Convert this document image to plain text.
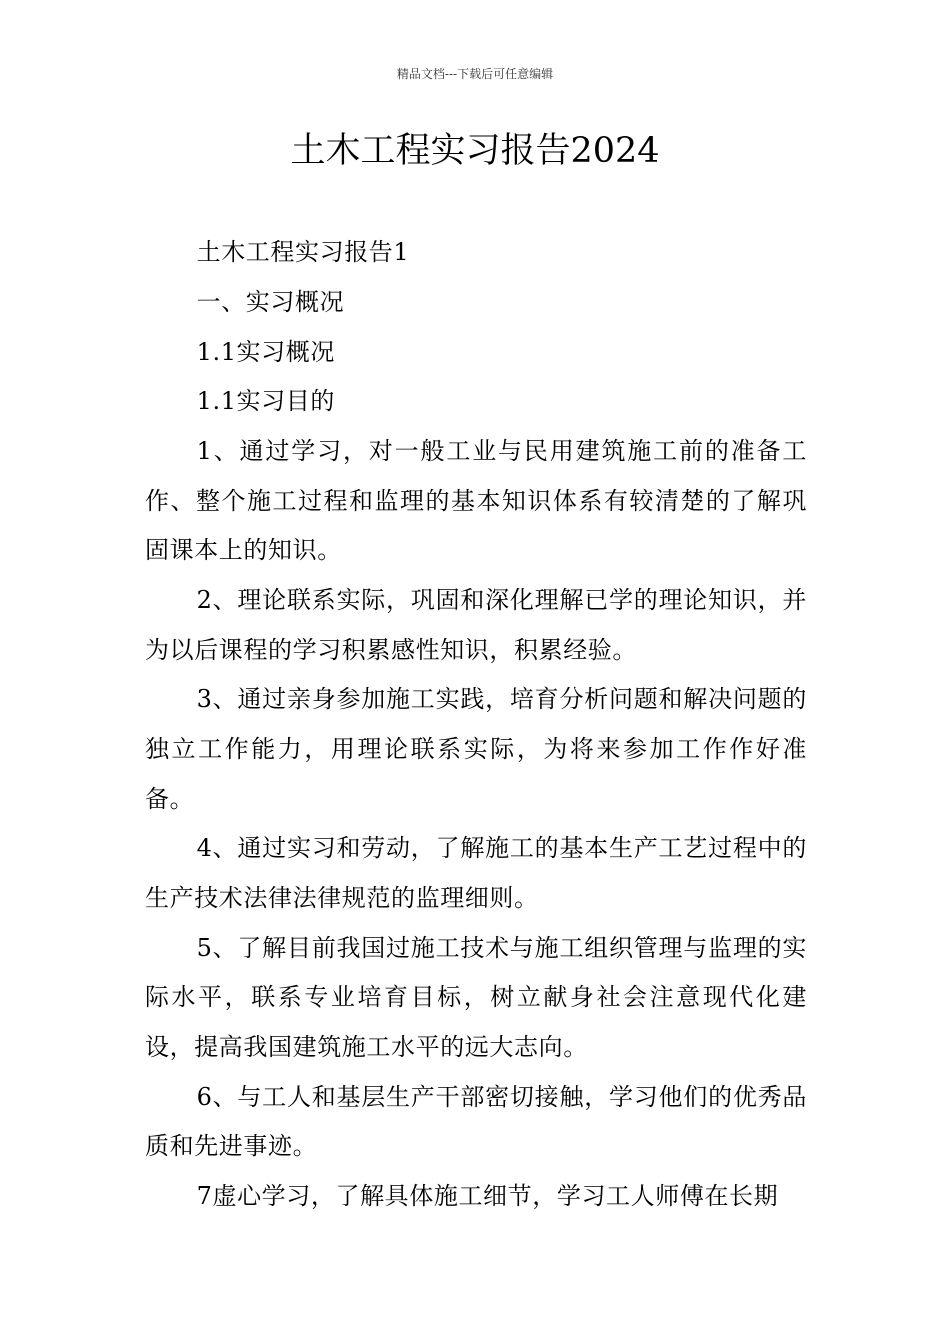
精品文档---下载后可任意编辑
土木工程实习报告2024

土木工程实习报告1

一、实习概况

1.1实习概况

1.1实习目的

1、通过学习，对一般工业与民用建筑施工前的准备工作、整个施工过程和监理的基本知识体系有较清楚的了解巩固课本上的知识。

2、理论联系实际，巩固和深化理解已学的理论知识，并为以后课程的学习积累感性知识，积累经验。

3、通过亲身参加施工实践，培育分析问题和解决问题的独立工作能力，用理论联系实际，为将来参加工作作好准备。

4、通过实习和劳动，了解施工的基本生产工艺过程中的生产技术法律法律规范的监理细则。

5、了解目前我国过施工技术与施工组织管理与监理的实际水平，联系专业培育目标，树立献身社会注意现代化建设，提高我国建筑施工水平的远大志向。

6、与工人和基层生产干部密切接触，学习他们的优秀品质和先进事迹。

7虚心学习，了解具体施工细节，学习工人师傅在长期
